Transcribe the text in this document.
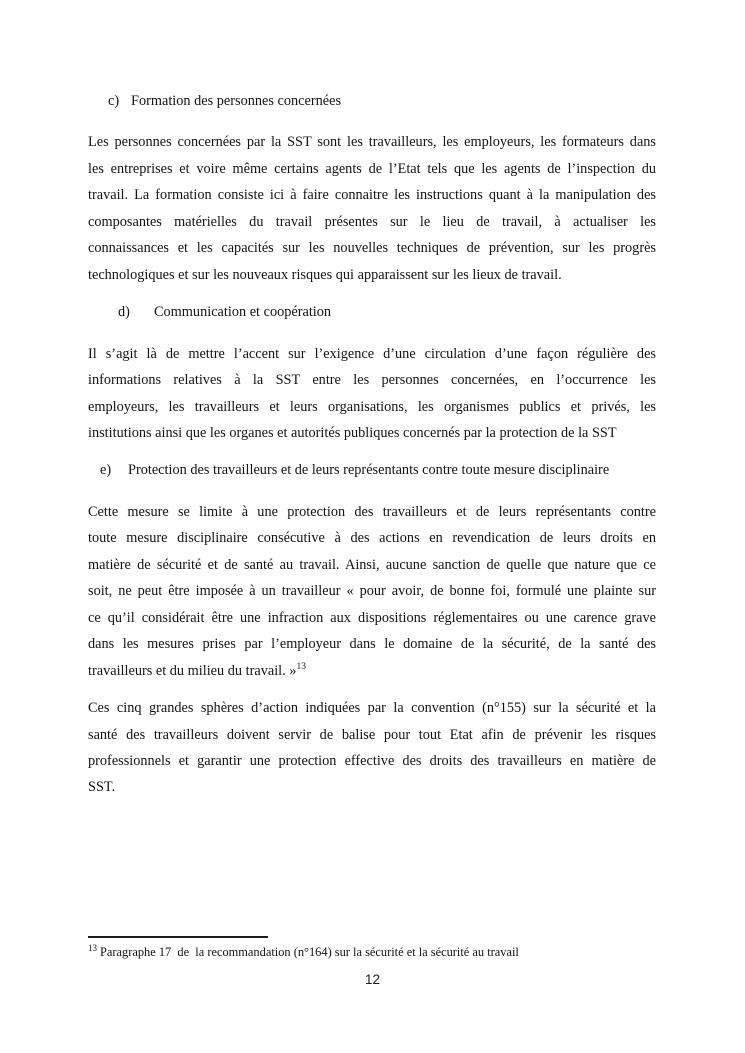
c) Formation des personnes concernées
Les personnes concernées par la SST sont les travailleurs, les employeurs, les formateurs dans
les entreprises et voire même certains agents de l’Etat tels que les agents de l’inspection du
travail. La formation consiste ici à faire connaitre les instructions quant à la manipulation des
composantes matérielles du travail présentes sur le lieu de travail, à actualiser les
connaissances et les capacités sur les nouvelles techniques de prévention, sur les progrès
technologiques et sur les nouveaux risques qui apparaissent sur les lieux de travail.
d) Communication et coopération
Il s’agit là de mettre l’accent sur l’exigence d’une circulation d’une façon régulière des
informations relatives à la SST entre les personnes concernées, en l’occurrence les
employeurs, les travailleurs et leurs organisations, les organismes publics et privés, les
institutions ainsi que les organes et autorités publiques concernés par la protection de la SST
e) Protection des travailleurs et de leurs représentants contre toute mesure disciplinaire
Cette mesure se limite à une protection des travailleurs et de leurs représentants contre
toute mesure disciplinaire consécutive à des actions en revendication de leurs droits en
matière de sécurité et de santé au travail. Ainsi, aucune sanction de quelle que nature que ce
soit, ne peut être imposée à un travailleur « pour avoir, de bonne foi, formulé une plainte sur
ce qu’il considérait être une infraction aux dispositions réglementaires ou une carence grave
dans les mesures prises par l’employeur dans le domaine de la sécurité, de la santé des
travailleurs et du milieu du travail. »$^{13}$
Ces cinq grandes sphères d’action indiquées par la convention (n°155) sur la sécurité et la
santé des travailleurs doivent servir de balise pour tout Etat afin de prévenir les risques
professionnels et garantir une protection effective des droits des travailleurs en matière de
SST.
$^{13}$ Paragraphe 17  de  la recommandation (n°164) sur la sécurité et la sécurité au travail
12
